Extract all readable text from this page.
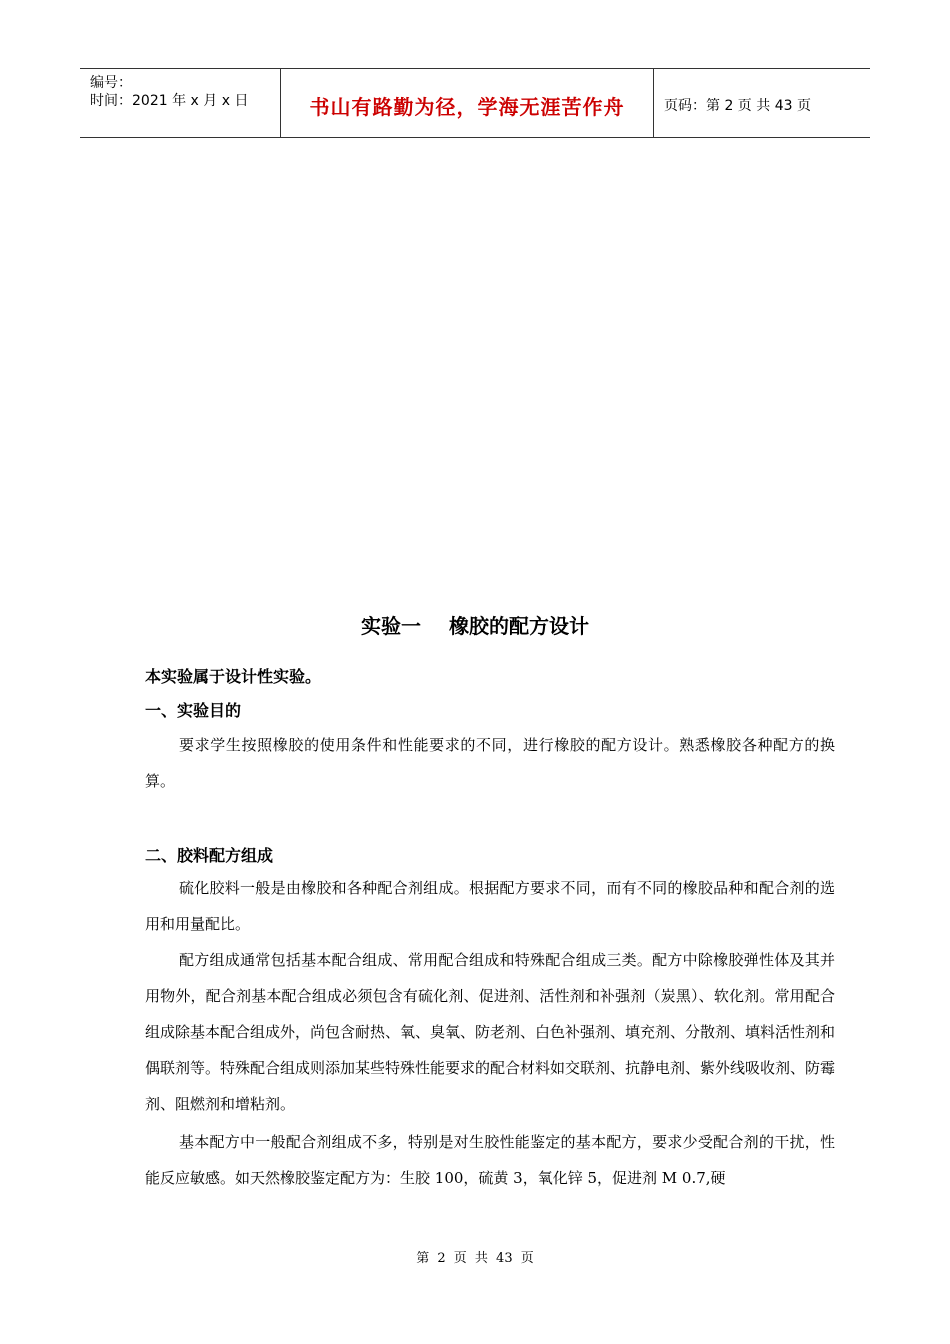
编号：
时间：2021 年 x 月 x 日	书山有路勤为径，学海无涯苦作舟	页码：第 2 页 共 43 页
实验一 橡胶的配方设计
本实验属于设计性实验。
一、实验目的

要求学生按照橡胶的使用条件和性能要求的不同，进行橡胶的配方设计。熟悉橡胶各种配方的换算。

二、胶料配方组成

硫化胶料一般是由橡胶和各种配合剂组成。根据配方要求不同，而有不同的橡胶品种和配合剂的选用和用量配比。

配方组成通常包括基本配合组成、常用配合组成和特殊配合组成三类。配方中除橡胶弹性体及其并用物外，配合剂基本配合组成必须包含有硫化剂、促进剂、活性剂和补强剂（炭黑）、软化剂。常用配合组成除基本配合组成外，尚包含耐热、氧、臭氧、防老剂、白色补强剂、填充剂、分散剂、填料活性剂和偶联剂等。特殊配合组成则添加某些特殊性能要求的配合材料如交联剂、抗静电剂、紫外线吸收剂、防霉剂、阻燃剂和增粘剂。

基本配方中一般配合剂组成不多，特别是对生胶性能鉴定的基本配方，要求少受配合剂的干扰，性能反应敏感。如天然橡胶鉴定配方为：生胶 100，硫黄 3，氧化锌 5，促进剂 M 0.7,硬

第 2 页 共 43 页
